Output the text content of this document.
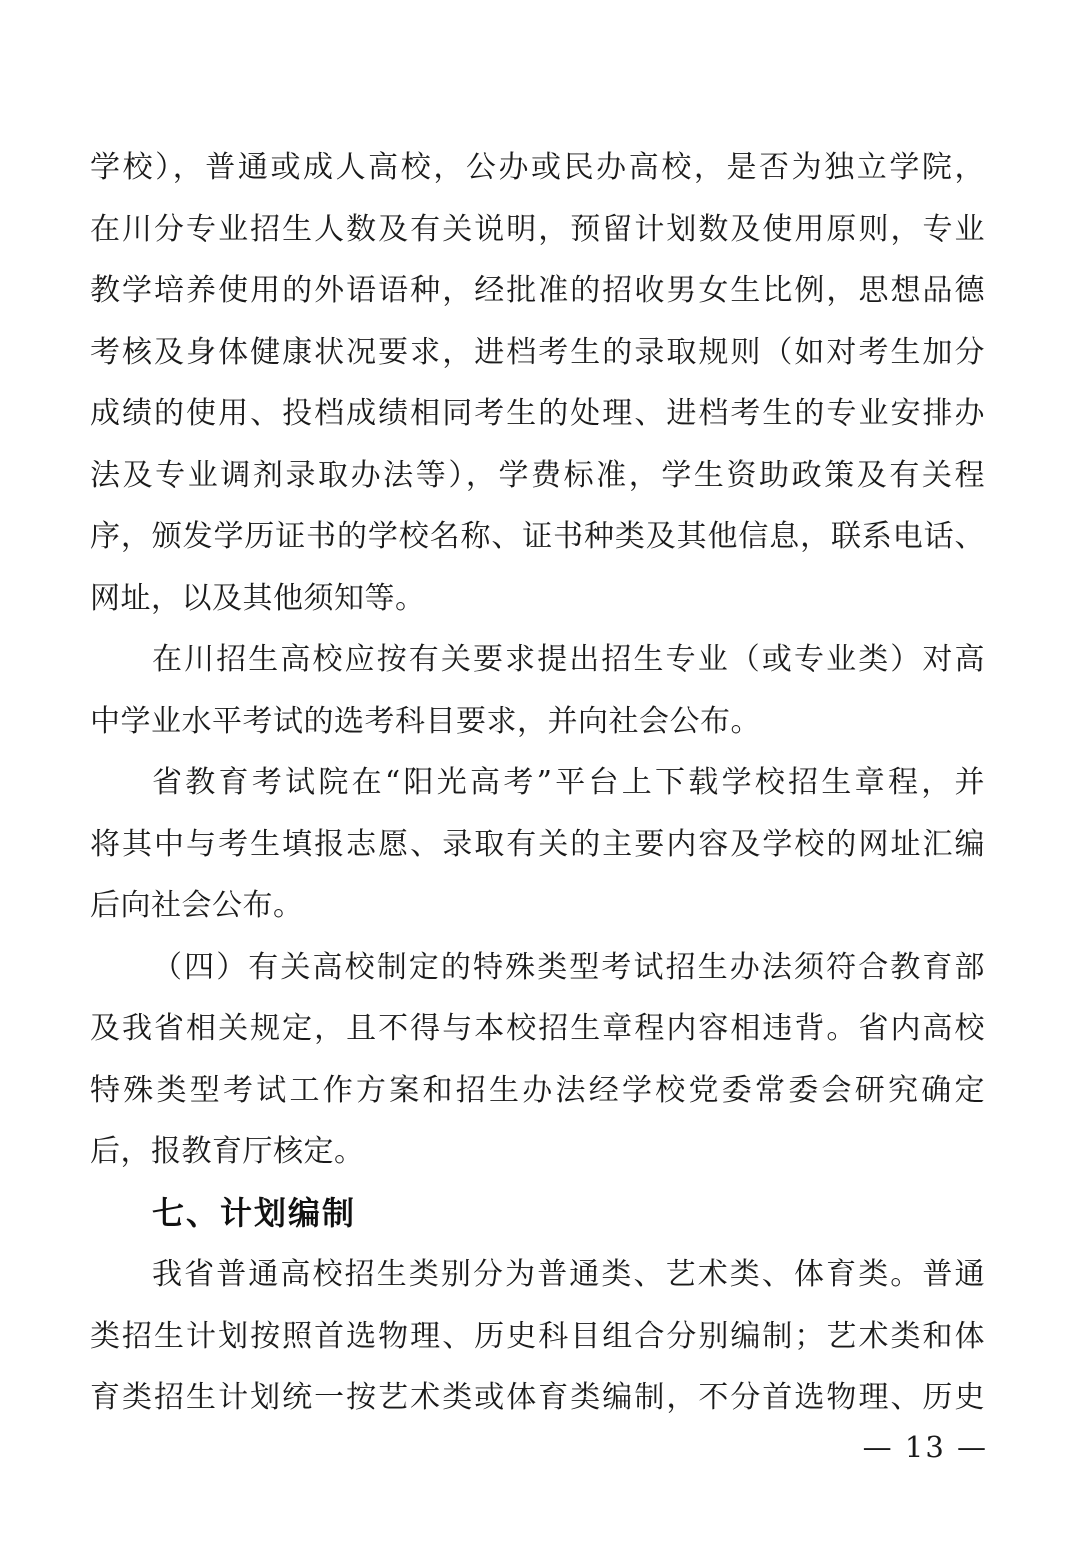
学校），普通或成人高校，公办或民办高校，是否为独立学院，
在川分专业招生人数及有关说明，预留计划数及使用原则，专业
教学培养使用的外语语种，经批准的招收男女生比例，思想品德
考核及身体健康状况要求，进档考生的录取规则（如对考生加分
成绩的使用、投档成绩相同考生的处理、进档考生的专业安排办
法及专业调剂录取办法等），学费标准，学生资助政策及有关程
序，颁发学历证书的学校名称、证书种类及其他信息，联系电话、
网址，以及其他须知等。
在川招生高校应按有关要求提出招生专业（或专业类）对高
中学业水平考试的选考科目要求，并向社会公布。
省教育考试院在“阳光高考”平台上下载学校招生章程，并
将其中与考生填报志愿、录取有关的主要内容及学校的网址汇编
后向社会公布。
（四）有关高校制定的特殊类型考试招生办法须符合教育部
及我省相关规定，且不得与本校招生章程内容相违背。省内高校
特殊类型考试工作方案和招生办法经学校党委常委会研究确定
后，报教育厅核定。
七、计划编制
我省普通高校招生类别分为普通类、艺术类、体育类。普通
类招生计划按照首选物理、历史科目组合分别编制；艺术类和体
育类招生计划统一按艺术类或体育类编制，不分首选物理、历史
— 13 —
